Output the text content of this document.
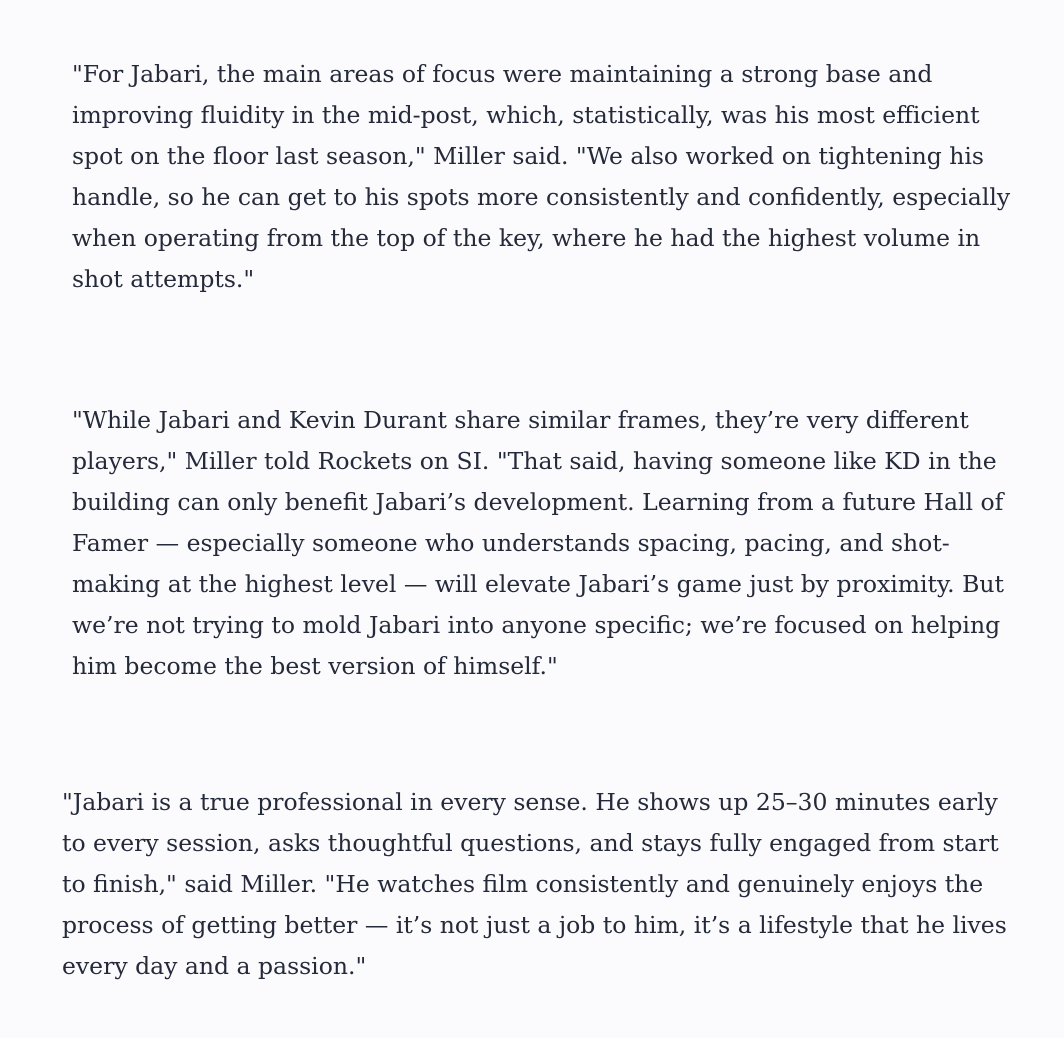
"For Jabari, the main areas of focus were maintaining a strong base and
improving fluidity in the mid-post, which, statistically, was his most efficient
spot on the floor last season," Miller said. "We also worked on tightening his
handle, so he can get to his spots more consistently and confidently, especially
when operating from the top of the key, where he had the highest volume in
shot attempts."

"While Jabari and Kevin Durant share similar frames, they’re very different
players," Miller told Rockets on SI. "That said, having someone like KD in the
building can only benefit Jabari’s development. Learning from a future Hall of
Famer — especially someone who understands spacing, pacing, and shot-
making at the highest level — will elevate Jabari’s game just by proximity. But
we’re not trying to mold Jabari into anyone specific; we’re focused on helping
him become the best version of himself."

"Jabari is a true professional in every sense. He shows up 25–30 minutes early
to every session, asks thoughtful questions, and stays fully engaged from start
to finish," said Miller. "He watches film consistently and genuinely enjoys the
process of getting better — it’s not just a job to him, it’s a lifestyle that he lives
every day and a passion."
